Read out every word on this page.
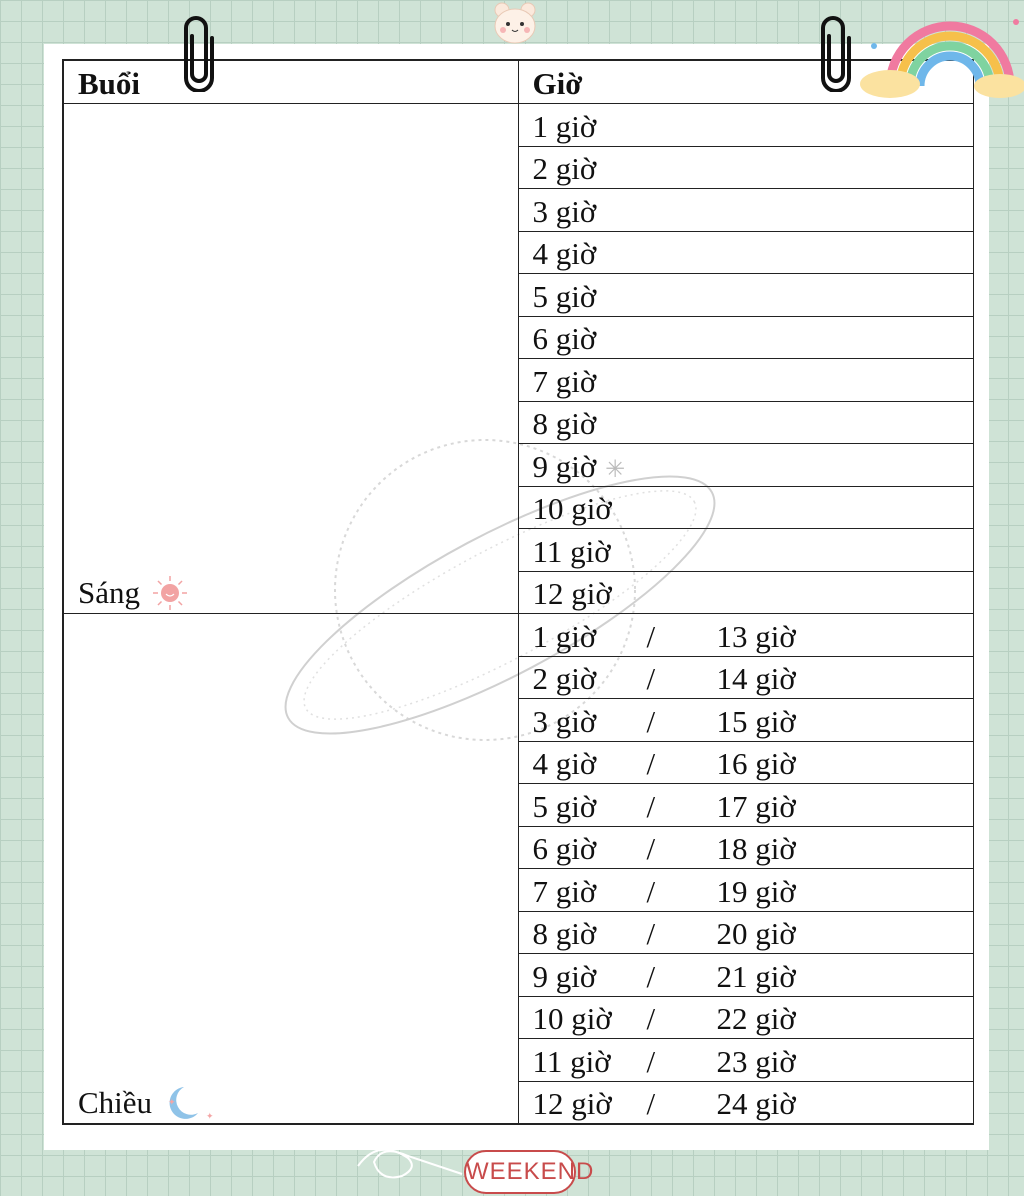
✳
Buổi	Giờ

Sáng	1 giờ
	2 giờ
	3 giờ
	4 giờ
	5 giờ
	6 giờ
	7 giờ
	8 giờ
	9 giờ
	10 giờ
	11 giờ
	12 giờ

Chiều ✦
✦	1 giờ / 13 giờ

	2 giờ / 14 giờ

	3 giờ / 15 giờ

	4 giờ / 16 giờ

	5 giờ / 17 giờ

	6 giờ / 18 giờ

	7 giờ / 19 giờ

	8 giờ / 20 giờ

	9 giờ / 21 giờ

	10 giờ / 22 giờ

	11 giờ / 23 giờ

	12 giờ / 24 giờ
WEEKEND
